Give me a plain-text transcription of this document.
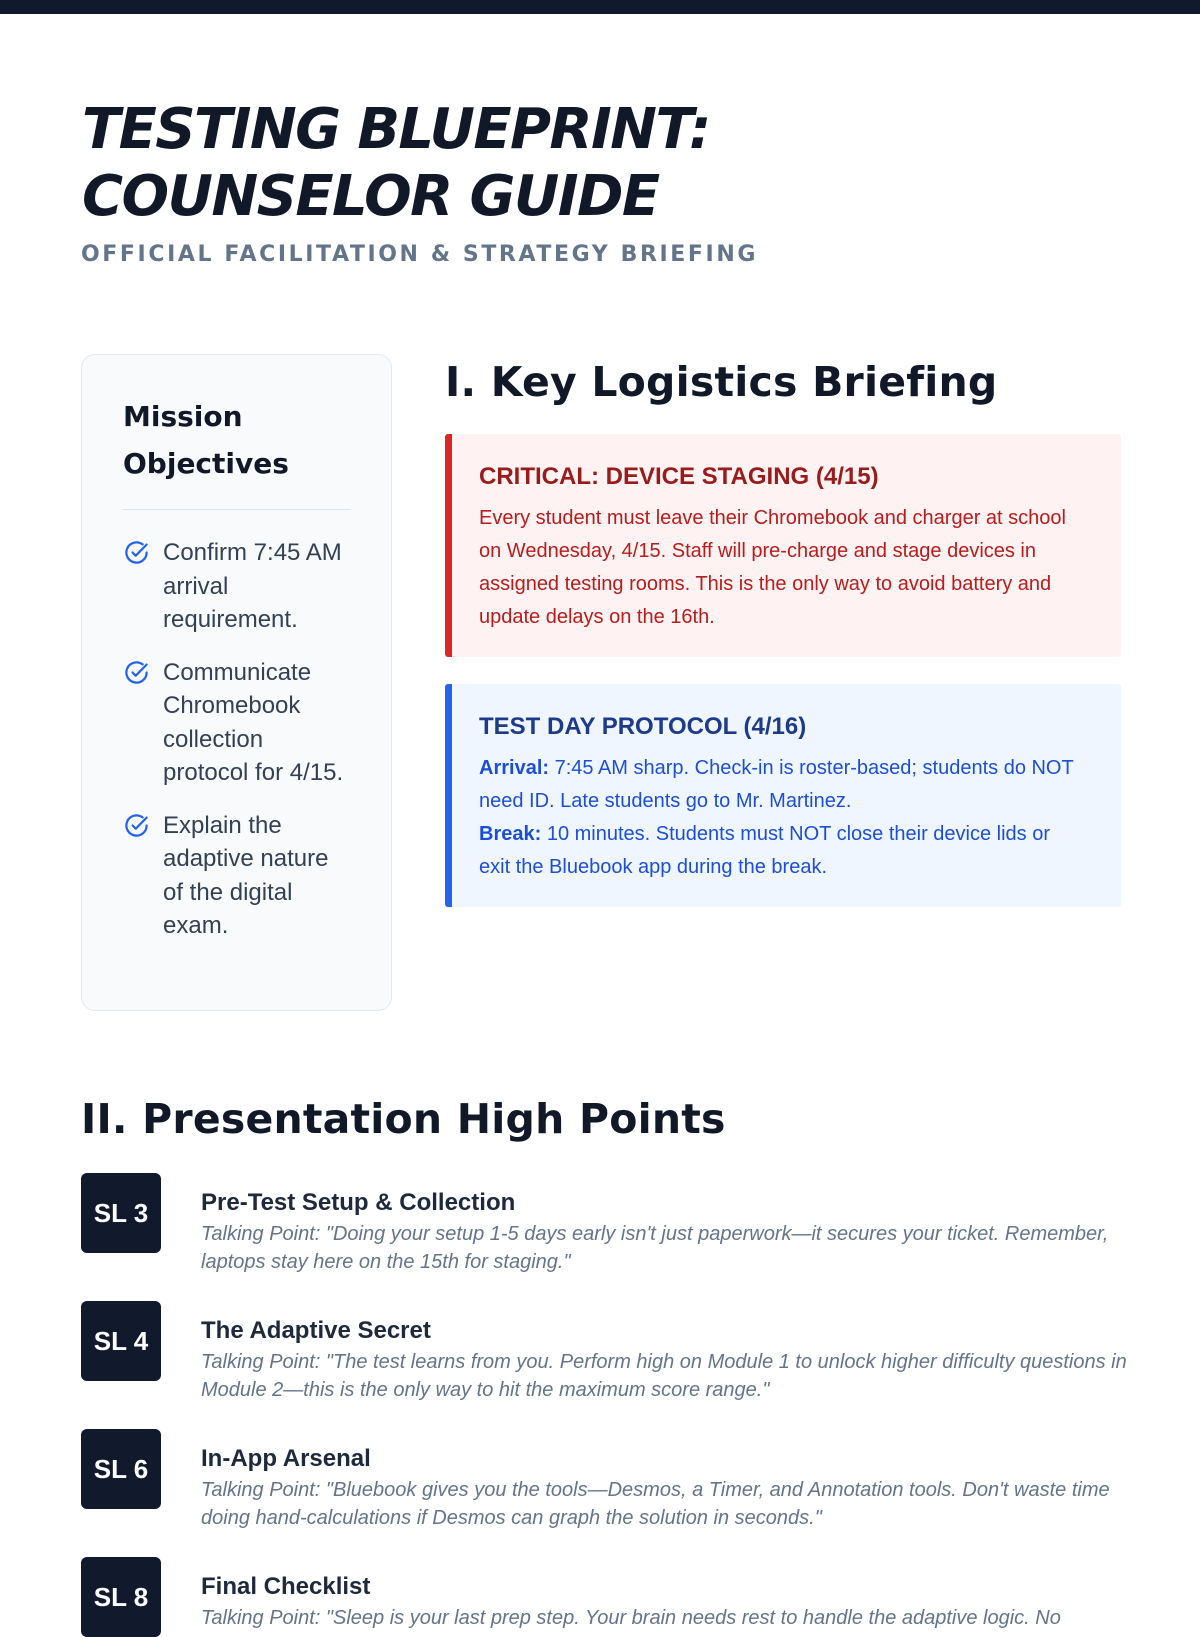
TESTING BLUEPRINT:
COUNSELOR GUIDE
OFFICIAL FACILITATION & STRATEGY BRIEFING
Mission Objectives
Confirm 7:45 AM arrival requirement.
Communicate Chromebook collection protocol for 4/15.
Explain the adaptive nature of the digital exam.
I. Key Logistics Briefing
CRITICAL: DEVICE STAGING (4/15)

Every student must leave their Chromebook and charger at school on Wednesday, 4/15. Staff will pre-charge and stage devices in assigned testing rooms. This is the only way to avoid battery and update delays on the 16th.

TEST DAY PROTOCOL (4/16)

Arrival: 7:45 AM sharp. Check-in is roster-based; students do NOT need ID. Late students go to Mr. Martinez.
Break: 10 minutes. Students must NOT close their device lids or exit the Bluebook app during the break.

II. Presentation High Points
SL 3	Pre-Test Setup & Collection
Talking Point: "Doing your setup 1-5 days early isn't just paperwork—it secures your ticket. Remember, laptops stay here on the 15th for staging."
SL 4	The Adaptive Secret
Talking Point: "The test learns from you. Perform high on Module 1 to unlock higher difficulty questions in Module 2—this is the only way to hit the maximum score range."
SL 6	In-App Arsenal
Talking Point: "Bluebook gives you the tools—Desmos, a Timer, and Annotation tools. Don't waste time doing hand-calculations if Desmos can graph the solution in seconds."
SL 8	Final Checklist
Talking Point: "Sleep is your last prep step. Your brain needs rest to handle the adaptive logic. No
